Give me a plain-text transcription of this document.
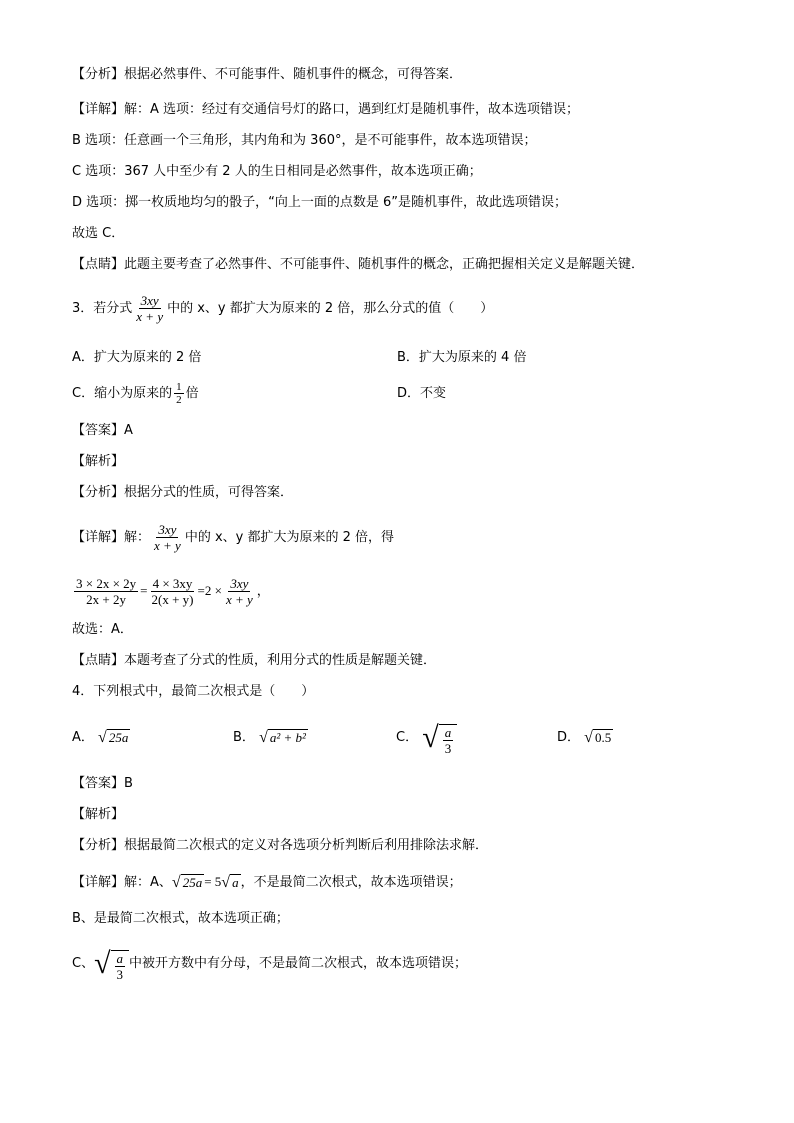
【分析】根据必然事件、不可能事件、随机事件的概念，可得答案．
【详解】解：A 选项：经过有交通信号灯的路口，遇到红灯是随机事件，故本选项错误；
B 选项：任意画一个三角形，其内角和为 360°，是不可能事件，故本选项错误；
C 选项：367 人中至少有 2 人的生日相同是必然事件，故本选项正确；
D 选项：掷一枚质地均匀的骰子，“向上一面的点数是 6”是随机事件，故此选项错误；
故选 C．
【点睛】此题主要考查了必然事件、不可能事件、随机事件的概念，正确把握相关定义是解题关键．
3．若分式 $\frac{3xy}{x + y}$ 中的 x、y 都扩大为原来的 2 倍，那么分式的值（　　）
A．扩大为原来的 2 倍	B．扩大为原来的 4 倍
C．缩小为原来的 $\frac{1}{2}$ 倍	D．不变
【答案】A
【解析】
【分析】根据分式的性质，可得答案．
【详解】解： $\frac{3xy}{x + y}$ 中的 x、y 都扩大为原来的 2 倍，得
$\frac{3 \times 2x \times 2y}{2x + 2y} = \frac{4 \times 3xy}{2(x + y)} =2 \times \frac{3xy}{x + y}$ ，
故选：A．
【点睛】本题考查了分式的性质，利用分式的性质是解题关键．
4．下列根式中，最简二次根式是（　　）
A． √ 25a	B． √ a² + b²	C． √ $\frac{a}{3}$	D． √ 0.5
【答案】B
【解析】
【分析】根据最简二次根式的定义对各选项分析判断后利用排除法求解．
【详解】解：A、 √ 25a = 5 √ a ，不是最简二次根式，故本选项错误；
B、是最简二次根式，故本选项正确；
C、 √ $\frac{a}{3}$ 中被开方数中有分母，不是最简二次根式，故本选项错误；
